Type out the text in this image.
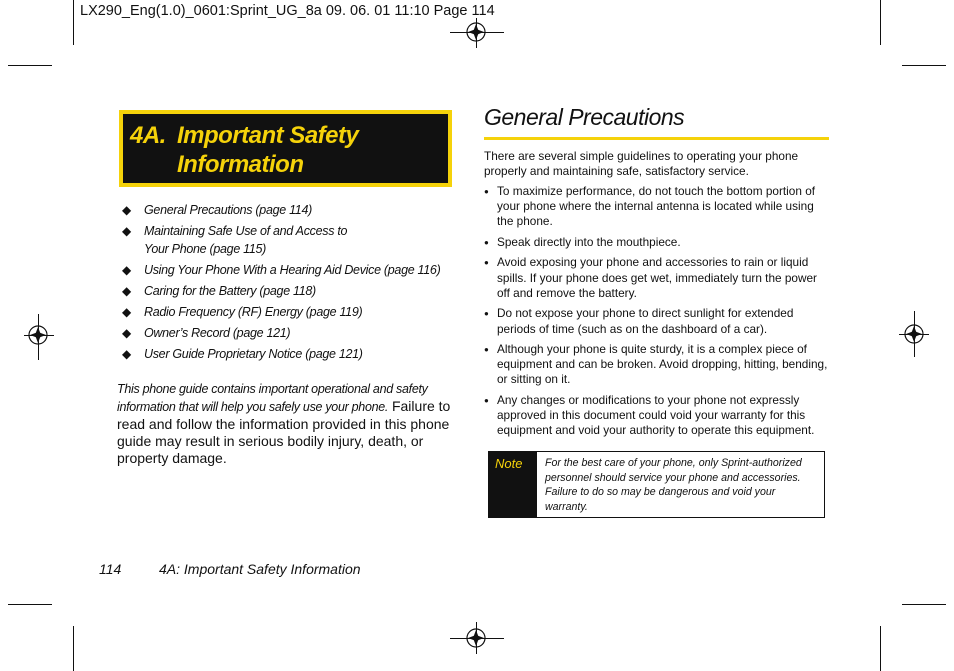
LX290_Eng(1.0)_0601:Sprint_UG_8a 09. 06. 01 11:10 Page 114
4A. Important Safety
Information
◆ General Precautions (page 114)
◆ Maintaining Safe Use of and Access to
Your Phone (page 115)
◆ Using Your Phone With a Hearing Aid Device (page 116)
◆ Caring for the Battery (page 118)
◆ Radio Frequency (RF) Energy (page 119)
◆ Owner’s Record (page 121)
◆ User Guide Proprietary Notice (page 121)

This phone guide contains important operational and safety information that will help you safely use your phone. Failure to read and follow the information provided in this phone guide may result in serious bodily injury, death, or property damage.

General Precautions

There are several simple guidelines to operating your phone properly and maintaining safe, satisfactory service.

● To maximize performance, do not touch the bottom portion of your phone where the internal antenna is located while using the phone.
● Speak directly into the mouthpiece.
● Avoid exposing your phone and accessories to rain or liquid spills. If your phone does get wet, immediately turn the power off and remove the battery.
● Do not expose your phone to direct sunlight for extended periods of time (such as on the dashboard of a car).
● Although your phone is quite sturdy, it is a complex piece of equipment and can be broken. Avoid dropping, hitting, bending, or sitting on it.
● Any changes or modifications to your phone not expressly approved in this document could void your warranty for this equipment and void your authority to operate this equipment.
Note	For the best care of your phone, only Sprint-authorized personnel should service your phone and accessories. Failure to do so may be dangerous and void your warranty.
114	4A: Important Safety Information
